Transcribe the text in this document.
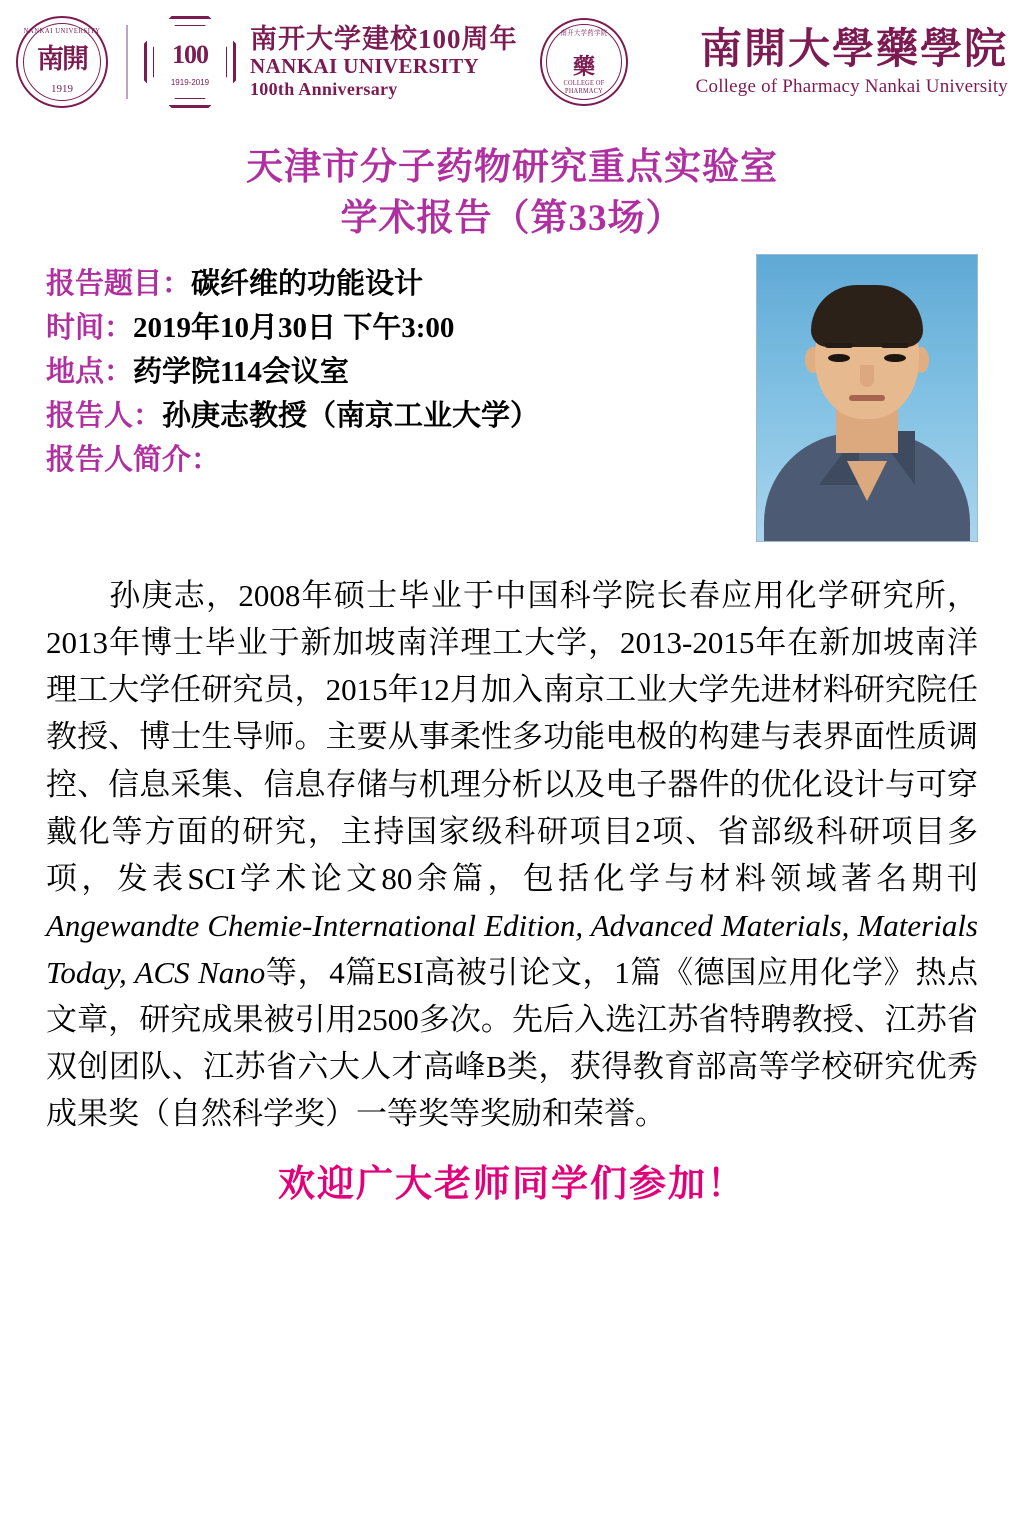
NANKAI UNIVERSITY
南開
1919
100
1919-2019
南开大学建校100周年
NANKAI UNIVERSITY
100th Anniversary
南开大学药学院
藥
COLLEGE OF PHARMACY
南開大學藥學院
College of Pharmacy Nankai University
天津市分子药物研究重点实验室
学术报告（第33场）
报告题目：碳纤维的功能设计
时间：2019年10月30日 下午3:00
地点：药学院114会议室
报告人：孙庚志教授（南京工业大学）
报告人简介：
孙庚志，2008年硕士毕业于中国科学院长春应用化学研究所，2013年博士毕业于新加坡南洋理工大学，2013-2015年在新加坡南洋理工大学任研究员，2015年12月加入南京工业大学先进材料研究院任教授、博士生导师。主要从事柔性多功能电极的构建与表界面性质调控、信息采集、信息存储与机理分析以及电子器件的优化设计与可穿戴化等方面的研究，主持国家级科研项目2项、省部级科研项目多项，发表SCI学术论文80余篇，包括化学与材料领域著名期刊Angewandte Chemie-International Edition, Advanced Materials, Materials Today, ACS Nano等，4篇ESI高被引论文，1篇《德国应用化学》热点文章，研究成果被引用2500多次。先后入选江苏省特聘教授、江苏省双创团队、江苏省六大人才高峰B类，获得教育部高等学校研究优秀成果奖（自然科学奖）一等奖等奖励和荣誉。
欢迎广大老师同学们参加！
